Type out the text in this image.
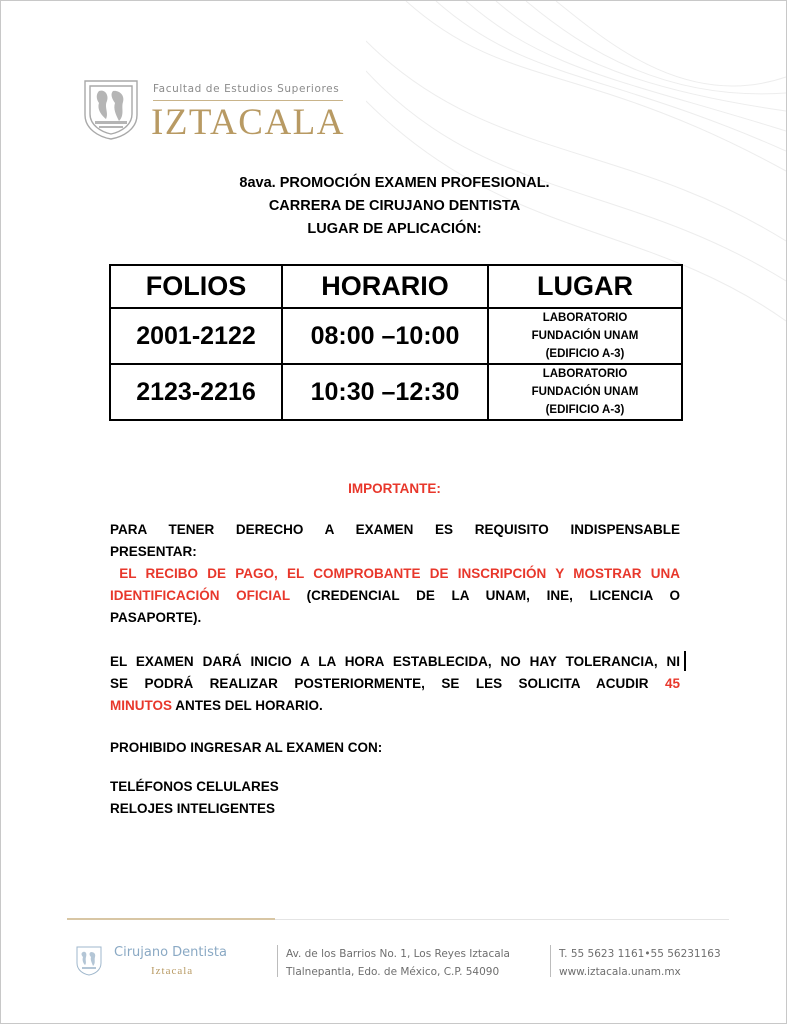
Facultad de Estudios Superiores
IZTACALA
8ava. PROMOCIÓN EXAMEN PROFESIONAL.
CARRERA DE CIRUJANO DENTISTA
LUGAR DE APLICACIÓN:
FOLIOS	HORARIO	LUGAR
2001-2122	08:00 –10:00	LABORATORIO
FUNDACIÓN UNAM
(EDIFICIO A-3)

2123-2216	10:30 –12:30	LABORATORIO
FUNDACIÓN UNAM
(EDIFICIO A-3)
IMPORTANTE:
PARA TENER DERECHO A EXAMEN ES REQUISITO INDISPENSABLE
PRESENTAR:
EL RECIBO DE PAGO, EL COMPROBANTE DE INSCRIPCIÓN Y MOSTRAR UNA
IDENTIFICACIÓN OFICIAL (CREDENCIAL DE LA UNAM, INE, LICENCIA O
PASAPORTE).
EL EXAMEN DARÁ INICIO A LA HORA ESTABLECIDA, NO HAY TOLERANCIA, NI
SE PODRÁ REALIZAR POSTERIORMENTE, SE LES SOLICITA ACUDIR 45
MINUTOS ANTES DEL HORARIO.
PROHIBIDO INGRESAR AL EXAMEN CON:
TELÉFONOS CELULARES
RELOJES INTELIGENTES
Cirujano Dentista
Iztacala
Av. de los Barrios No. 1, Los Reyes Iztacala
Tlalnepantla, Edo. de México, C.P. 54090
T. 55 5623 1161•55 56231163
www.iztacala.unam.mx
